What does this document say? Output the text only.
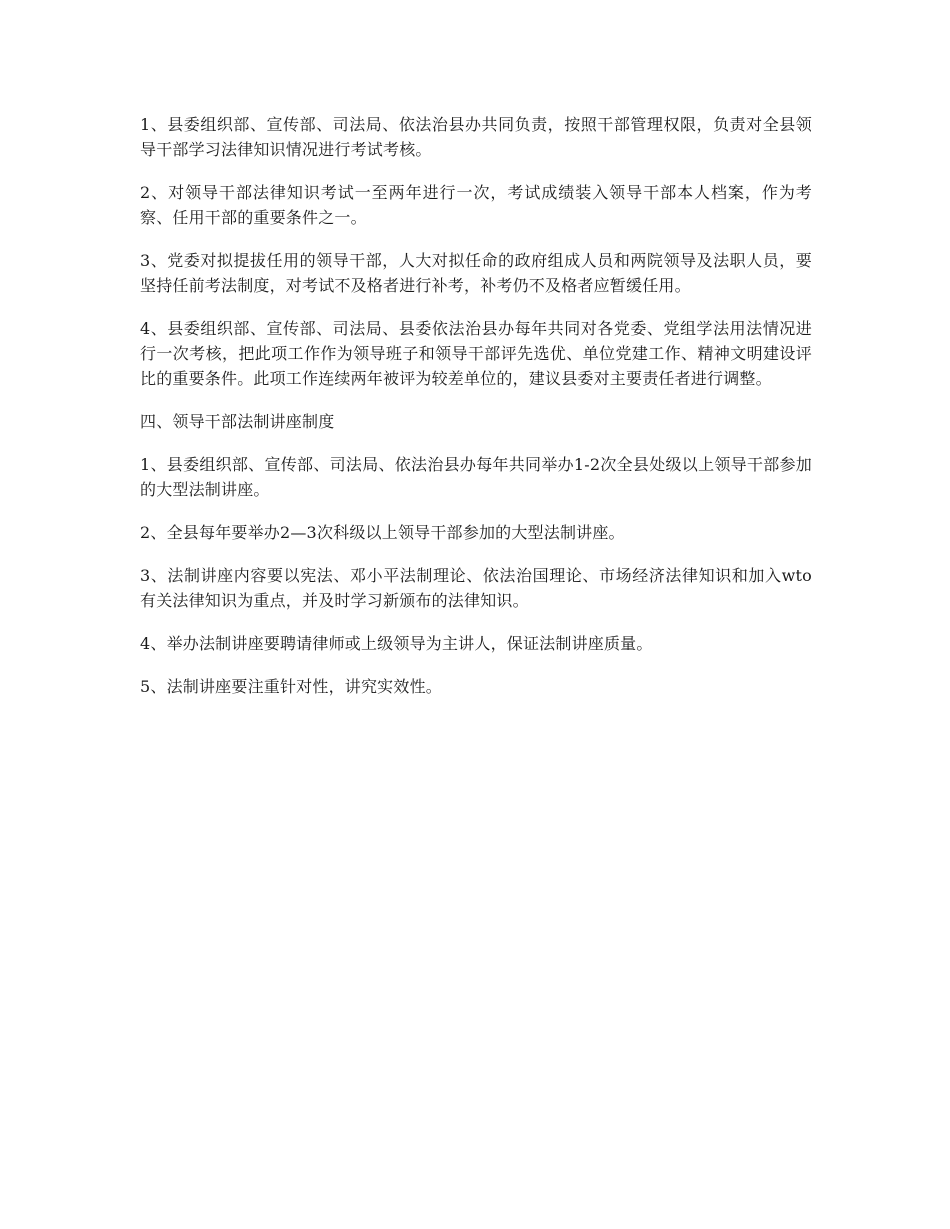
1、县委组织部、宣传部、司法局、依法治县办共同负责，按照干部管理权限，负责对全县领导干部学习法律知识情况进行考试考核。

2、对领导干部法律知识考试一至两年进行一次，考试成绩装入领导干部本人档案，作为考察、任用干部的重要条件之一。

3、党委对拟提拔任用的领导干部，人大对拟任命的政府组成人员和两院领导及法职人员，要坚持任前考法制度，对考试不及格者进行补考，补考仍不及格者应暂缓任用。

4、县委组织部、宣传部、司法局、县委依法治县办每年共同对各党委、党组学法用法情况进行一次考核，把此项工作作为领导班子和领导干部评先选优、单位党建工作、精神文明建设评比的重要条件。此项工作连续两年被评为较差单位的，建议县委对主要责任者进行调整。

四、领导干部法制讲座制度

1、县委组织部、宣传部、司法局、依法治县办每年共同举办1-2次全县处级以上领导干部参加的大型法制讲座。

2、全县每年要举办2—3次科级以上领导干部参加的大型法制讲座。

3、法制讲座内容要以宪法、邓小平法制理论、依法治国理论、市场经济法律知识和加入wto有关法律知识为重点，并及时学习新颁布的法律知识。

4、举办法制讲座要聘请律师或上级领导为主讲人，保证法制讲座质量。

5、法制讲座要注重针对性，讲究实效性。
